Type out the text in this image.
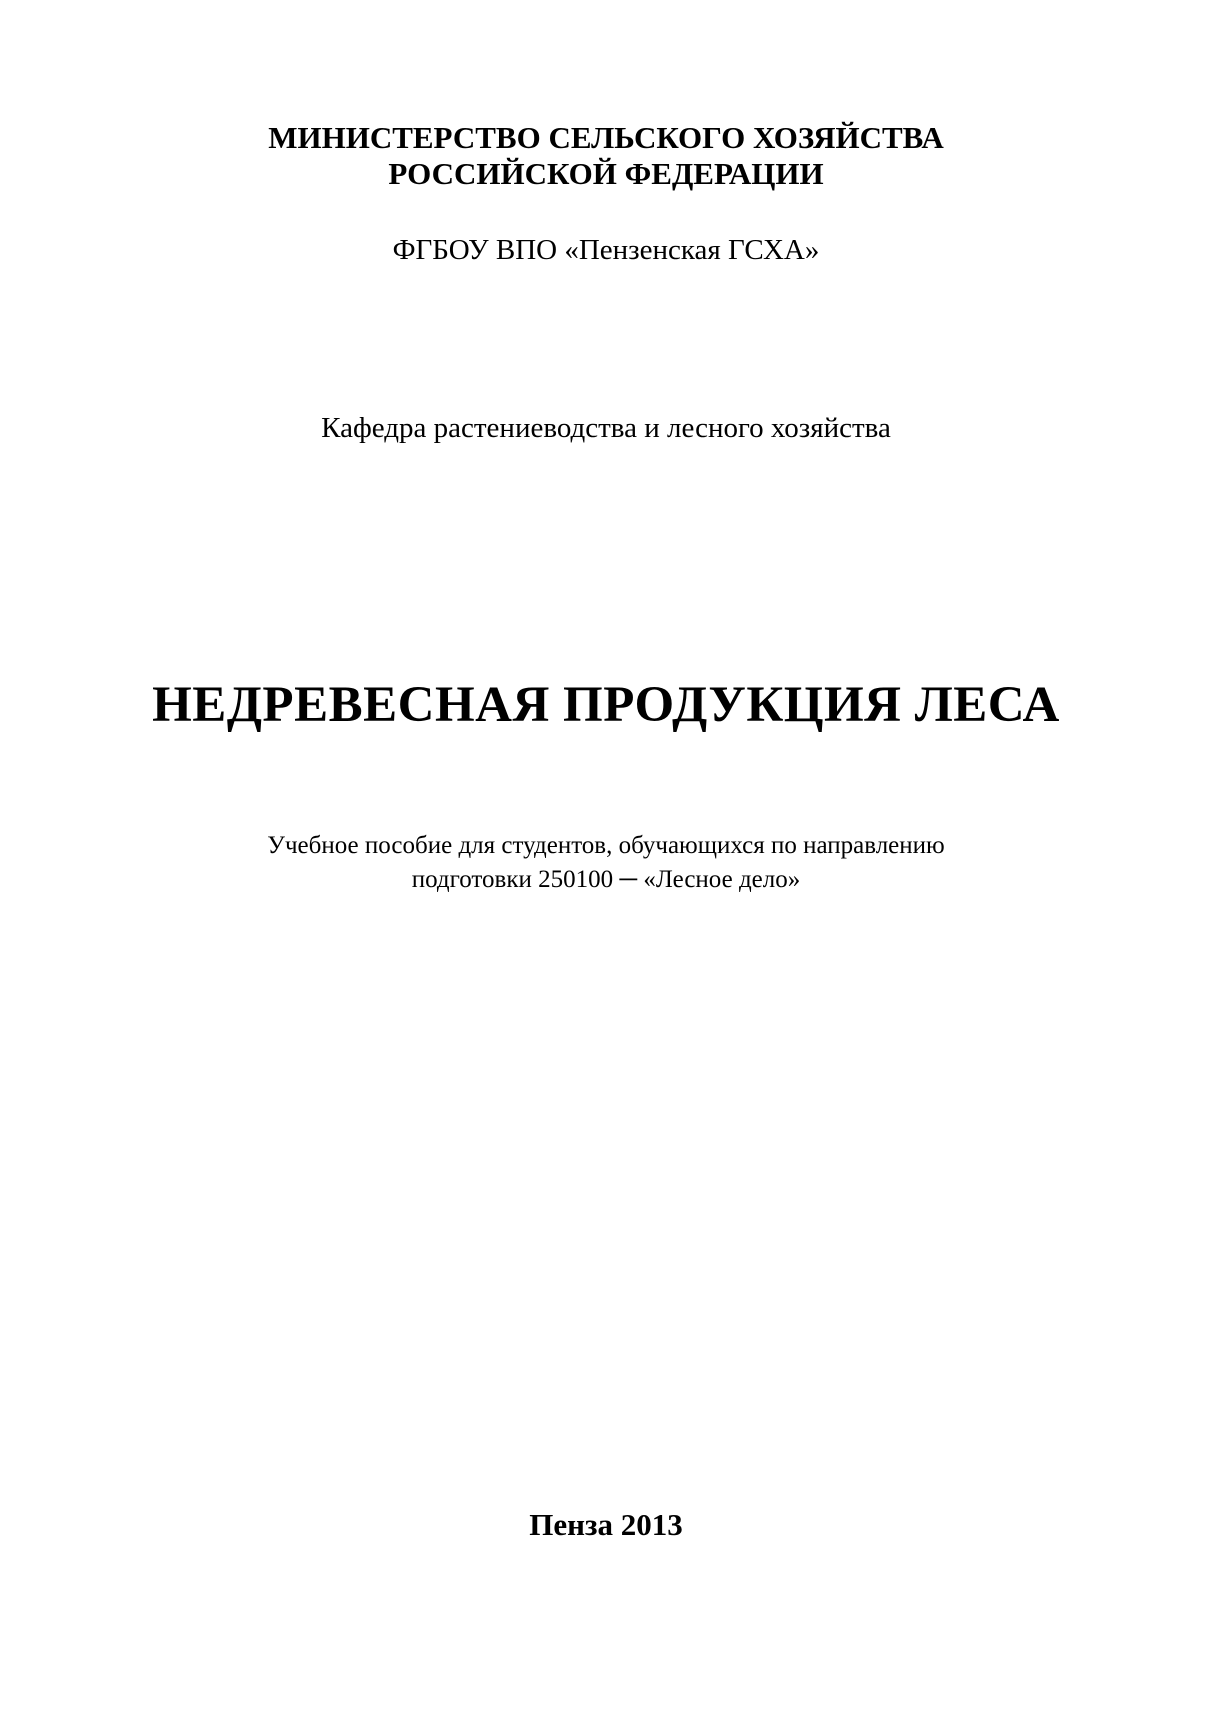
МИНИСТЕРСТВО СЕЛЬСКОГО ХОЗЯЙСТВА
РОССИЙСКОЙ ФЕДЕРАЦИИ
ФГБОУ ВПО «Пензенская ГСХА»
Кафедра растениеводства и лесного хозяйства
НЕДРЕВЕСНАЯ ПРОДУКЦИЯ ЛЕСА
Учебное пособие для студентов, обучающихся по направлению
подготовки 250100 ─ «Лесное дело»
Пенза 2013
